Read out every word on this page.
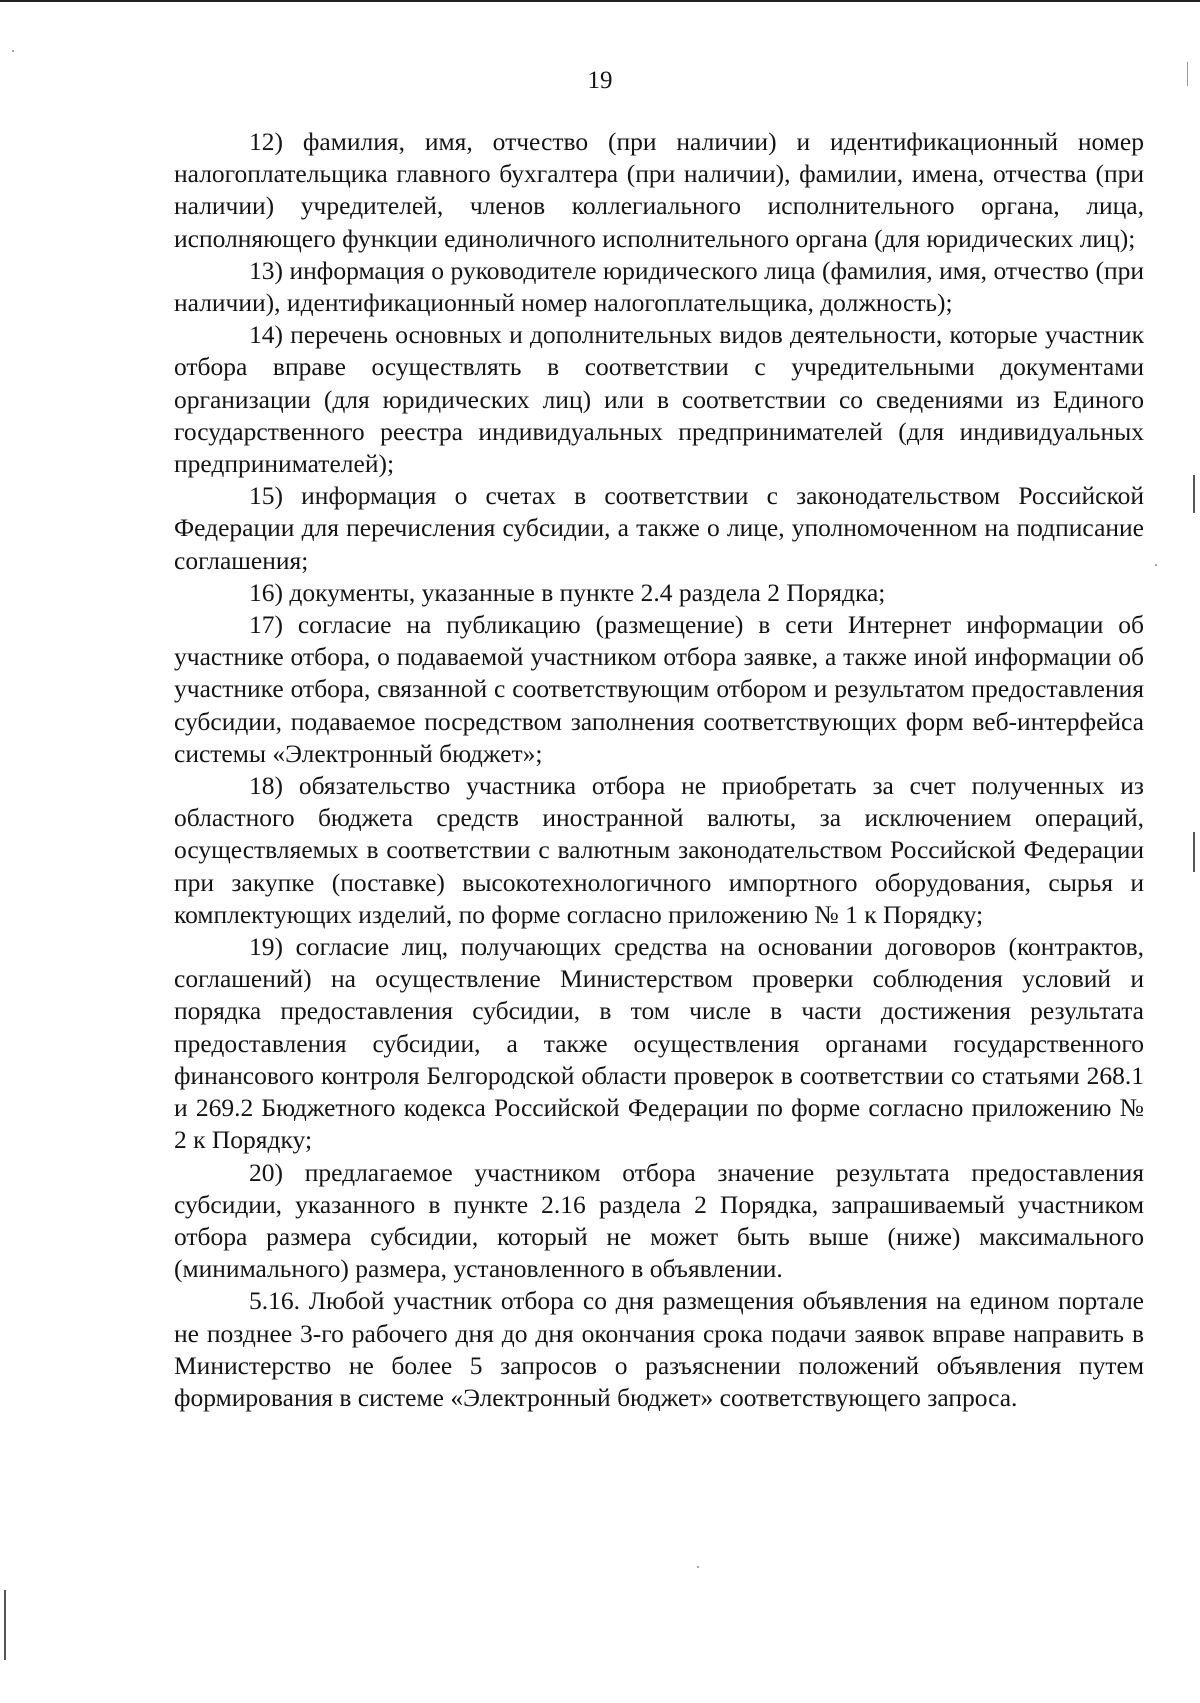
19

12) фамилия, имя, отчество (при наличии) и идентификационный номер налогоплательщика главного бухгалтера (при наличии), фамилии, имена, отчества (при наличии) учредителей, членов коллегиального исполнительного органа, лица, исполняющего функции единоличного исполнительного органа (для юридических лиц);

13) информация о руководителе юридического лица (фамилия, имя, отчество (при наличии), идентификационный номер налогоплательщика, должность);

14) перечень основных и дополнительных видов деятельности, которые участник отбора вправе осуществлять в соответствии с учредительными документами организации (для юридических лиц) или в соответствии со сведениями из Единого государственного реестра индивидуальных предпринимателей (для индивидуальных предпринимателей);

15) информация о счетах в соответствии с законодательством Российской Федерации для перечисления субсидии, а также о лице, уполномоченном на подписание соглашения;

16) документы, указанные в пункте 2.4 раздела 2 Порядка;

17) согласие на публикацию (размещение) в сети Интернет информации об участнике отбора, о подаваемой участником отбора заявке, а также иной информации об участнике отбора, связанной с соответствующим отбором и результатом предоставления субсидии, подаваемое посредством заполнения соответствующих форм веб-интерфейса системы «Электронный бюджет»;

18) обязательство участника отбора не приобретать за счет полученных из областного бюджета средств иностранной валюты, за исключением операций, осуществляемых в соответствии с валютным законодательством Российской Федерации при закупке (поставке) высокотехнологичного импортного оборудования, сырья и комплектующих изделий, по форме согласно приложению № 1 к Порядку;

19) согласие лиц, получающих средства на основании договоров (контрактов, соглашений) на осуществление Министерством проверки соблюдения условий и порядка предоставления субсидии, в том числе в части достижения результата предоставления субсидии, а также осуществления органами государственного финансового контроля Белгородской области проверок в соответствии со статьями 268.1 и 269.2 Бюджетного кодекса Российской Федерации по форме согласно приложению № 2 к Порядку;

20) предлагаемое участником отбора значение результата предоставления субсидии, указанного в пункте 2.16 раздела 2 Порядка, запрашиваемый участником отбора размера субсидии, который не может быть выше (ниже) максимального (минимального) размера, установленного в объявлении.

5.16. Любой участник отбора со дня размещения объявления на едином портале не позднее 3-го рабочего дня до дня окончания срока подачи заявок вправе направить в Министерство не более 5 запросов о разъяснении положений объявления путем формирования в системе «Электронный бюджет» соответствующего запроса.
